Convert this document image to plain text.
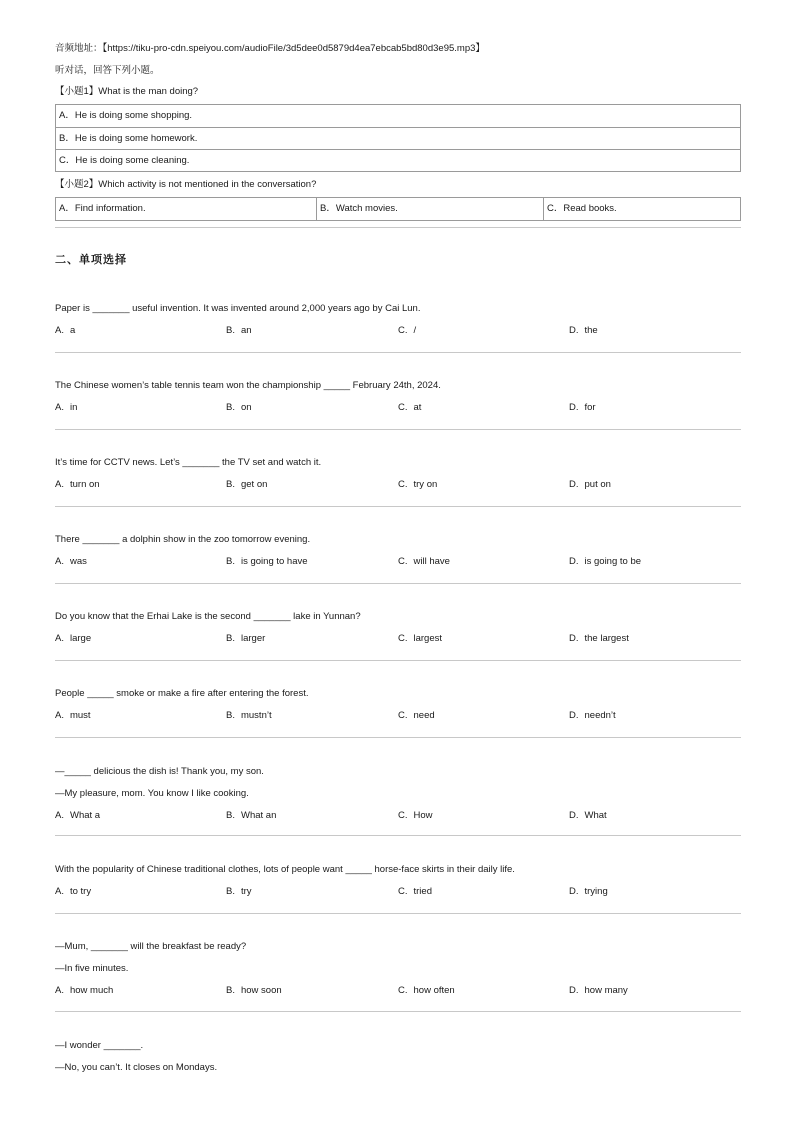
音频地址：【https://tiku-pro-cdn.speiyou.com/audioFile/3d5dee0d5879d4ea7ebcab5bd80d3e95.mp3】
听对话，回答下列小题。
【小题1】What is the man doing?
A．He is doing some shopping.
B．He is doing some homework.
C．He is doing some cleaning.
【小题2】Which activity is not mentioned in the conversation?
A．Find information.	B．Watch movies.	C．Read books.
二、单项选择
Paper is _______ useful invention. It was invented around 2,000 years ago by Cai Lun.
A. a	B. an	C. /	D. the
The Chinese women’s table tennis team won the championship _____ February 24th, 2024.
A. in	B. on	C. at	D. for
It’s time for CCTV news. Let’s _______ the TV set and watch it.
A. turn on	B. get on	C. try on	D. put on
There _______ a dolphin show in the zoo tomorrow evening.
A. was	B. is going to have	C. will have	D. is going to be
Do you know that the Erhai Lake is the second _______ lake in Yunnan?
A. large	B. larger	C. largest	D. the largest
People _____ smoke or make a fire after entering the forest.
A. must	B. mustn’t	C. need	D. needn’t
—_____ delicious the dish is! Thank you, my son.
—My pleasure, mom. You know I like cooking.
A. What a	B. What an	C. How	D. What
With the popularity of Chinese traditional clothes, lots of people want _____ horse-face skirts in their daily life.
A. to try	B. try	C. tried	D. trying
—Mum, _______ will the breakfast be ready?
—In five minutes.
A. how much	B. how soon	C. how often	D. how many
—I wonder _______.
—No, you can’t. It closes on Mondays.
